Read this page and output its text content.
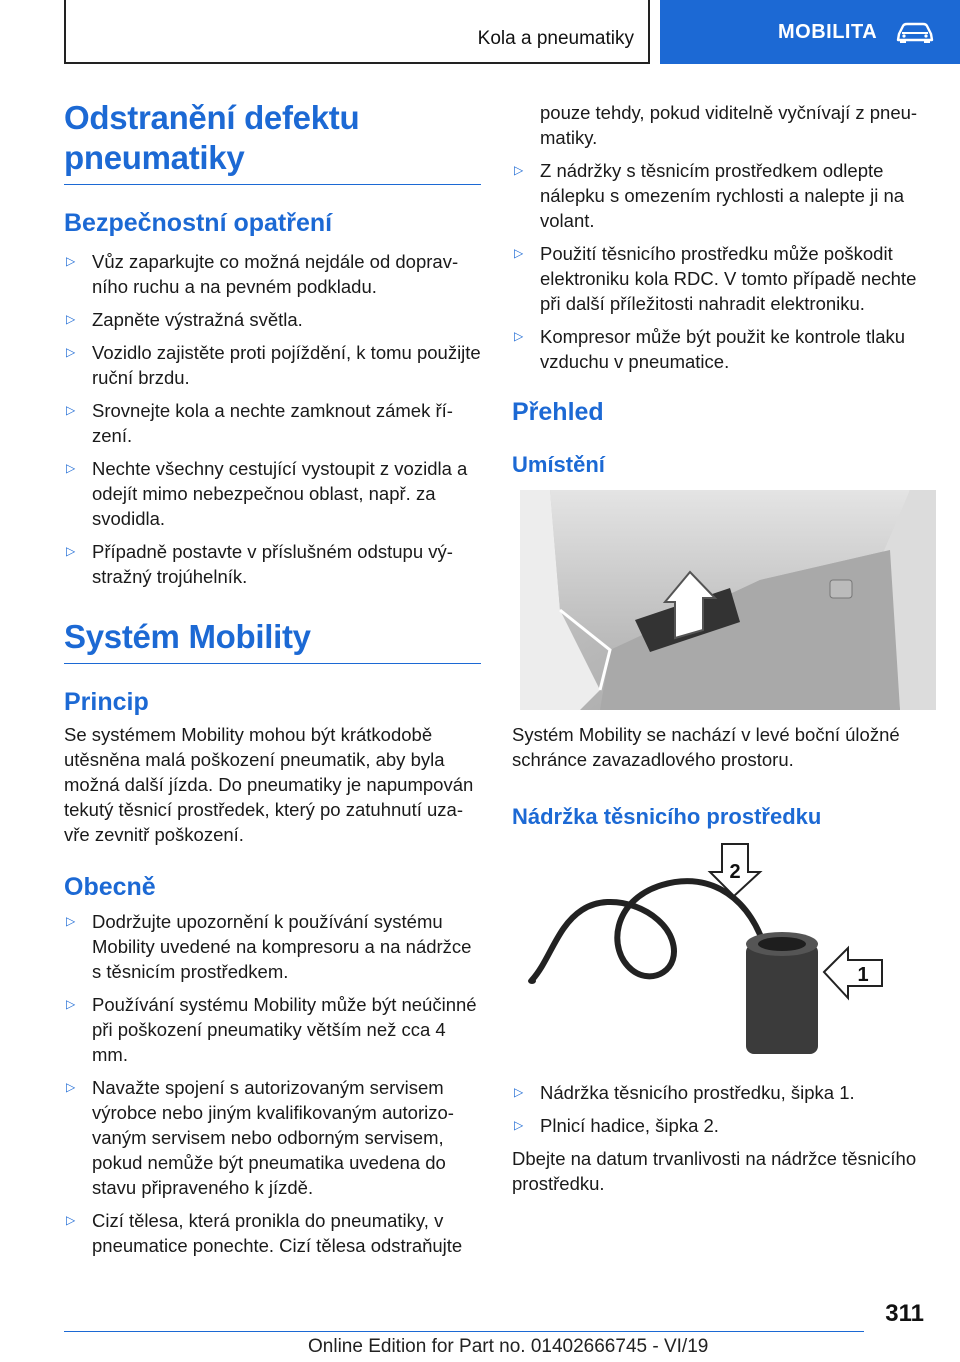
Kola a pneumatiky	MOBILITA
Odstranění defektu pneumatiky
Bezpečnostní opatření
▷ Vůz zaparkujte co možná nejdále od dopravního ruchu a na pevném podkladu.
▷ Zapněte výstražná světla.
▷ Vozidlo zajistěte proti pojíždění, k tomu použijte ruční brzdu.
▷ Srovnejte kola a nechte zamknout zámek řízení.
▷ Nechte všechny cestující vystoupit z vozidla a odejít mimo nebezpečnou oblast, např. za svodidla.
▷ Případně postavte v příslušném odstupu výstražný trojúhelník.
Systém Mobility
Princip
Se systémem Mobility mohou být krátkodobě utěsněna malá poškození pneumatik, aby byla možná další jízda. Do pneumatiky je napumpován tekutý těsnicí prostředek, který po zatuhnutí uzavře zevnitř poškození.
Obecně
▷ Dodržujte upozornění k používání systému Mobility uvedené na kompresoru a na nádržce s těsnicím prostředkem.
▷ Používání systému Mobility může být neúčinné při poškození pneumatiky větším než cca 4 mm.
▷ Navažte spojení s autorizovaným servisem výrobce nebo jiným kvalifikovaným autorizovaným servisem nebo odborným servisem, pokud nemůže být pneumatika uvedena do stavu připraveného k jízdě.
▷ Cizí tělesa, která pronikla do pneumatiky, v pneumatice ponechte. Cizí tělesa odstraňujte
pouze tehdy, pokud viditelně vyčnívají z pneumatiky.
▷ Z nádržky s těsnicím prostředkem odlepte nálepku s omezením rychlosti a nalepte ji na volant.
▷ Použití těsnicího prostředku může poškodit elektroniku kola RDC. V tomto případě nechte při další příležitosti nahradit elektroniku.
▷ Kompresor může být použit ke kontrole tlaku vzduchu v pneumatice.
Přehled
Umístění
Systém Mobility se nachází v levé boční úložné schránce zavazadlového prostoru.
Nádržka těsnicího prostředku
1
2
▷ Nádržka těsnicího prostředku, šipka 1.
▷ Plnicí hadice, šipka 2.
Dbejte na datum trvanlivosti na nádržce těsnicího prostředku.
311
Online Edition for Part no. 01402666745 - VI/19
